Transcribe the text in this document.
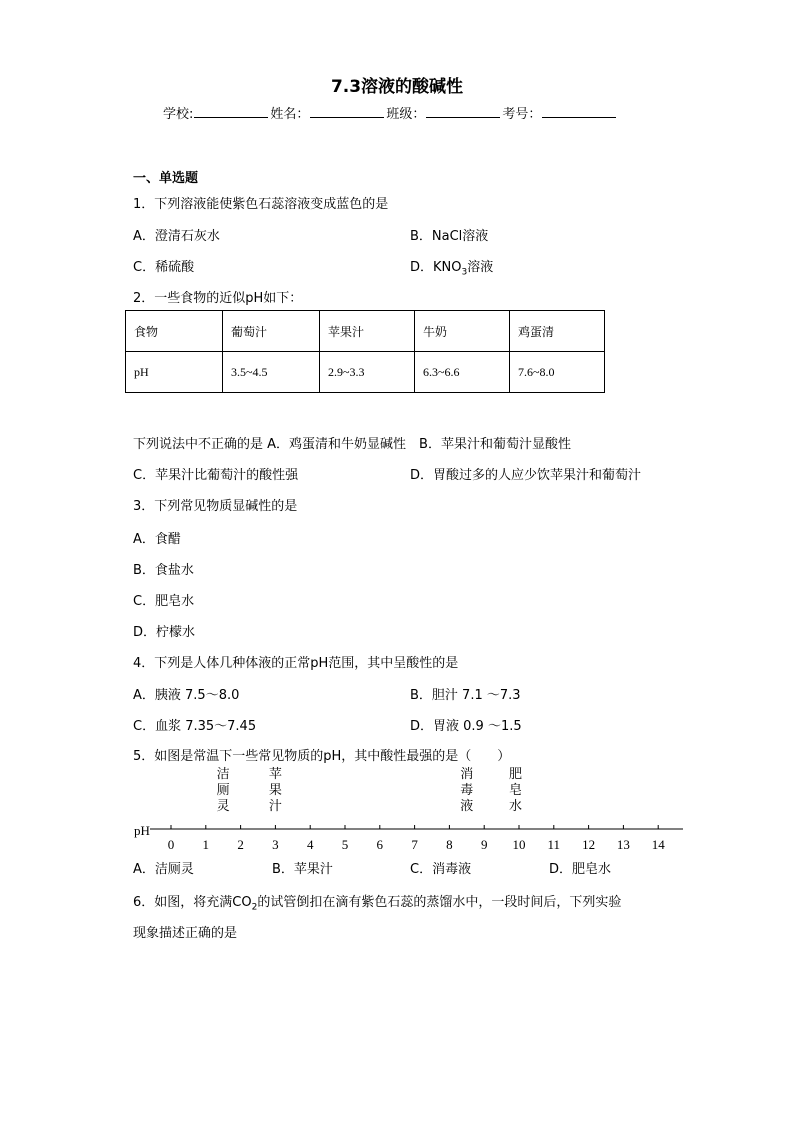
7.3溶液的酸碱性
学校:	姓名：	班级：	考号：
一、单选题
1．下列溶液能使紫色石蕊溶液变成蓝色的是
A．澄清石灰水	B．NaCl溶液
C．稀硫酸	D．$KNO_3$溶液
2．一些食物的近似pH如下：
食物	葡萄汁	苹果汁	牛奶	鸡蛋清
pH	3.5~4.5	2.9~3.3	6.3~6.6	7.6~8.0
下列说法中不正确的是 A．鸡蛋清和牛奶显碱性　B．苹果汁和葡萄汁显酸性
C．苹果汁比葡萄汁的酸性强	D．胃酸过多的人应少饮苹果汁和葡萄汁
3．下列常见物质显碱性的是
A．食醋
B．食盐水
C．肥皂水
D．柠檬水
4．下列是人体几种体液的正常pH范围，其中呈酸性的是
A．胰液 7.5～8.0	B．胆汁 7.1 ～7.3
C．血浆 7.35～7.45	D．胃液 0.9 ～1.5
5．如图是常温下一些常见物质的pH，其中酸性最强的是（　　）
pH
0	1	2	3	4	5	6	7	8	9	10 11 12 13 14
洁
厕
灵
苹
果
汁
消
毒
液
肥
皂
水
A．洁厕灵	B．苹果汁	C．消毒液	D．肥皂水
6．如图，将充满$CO_2$的试管倒扣在滴有紫色石蕊的蒸馏水中，一段时间后，下列实验
现象描述正确的是
